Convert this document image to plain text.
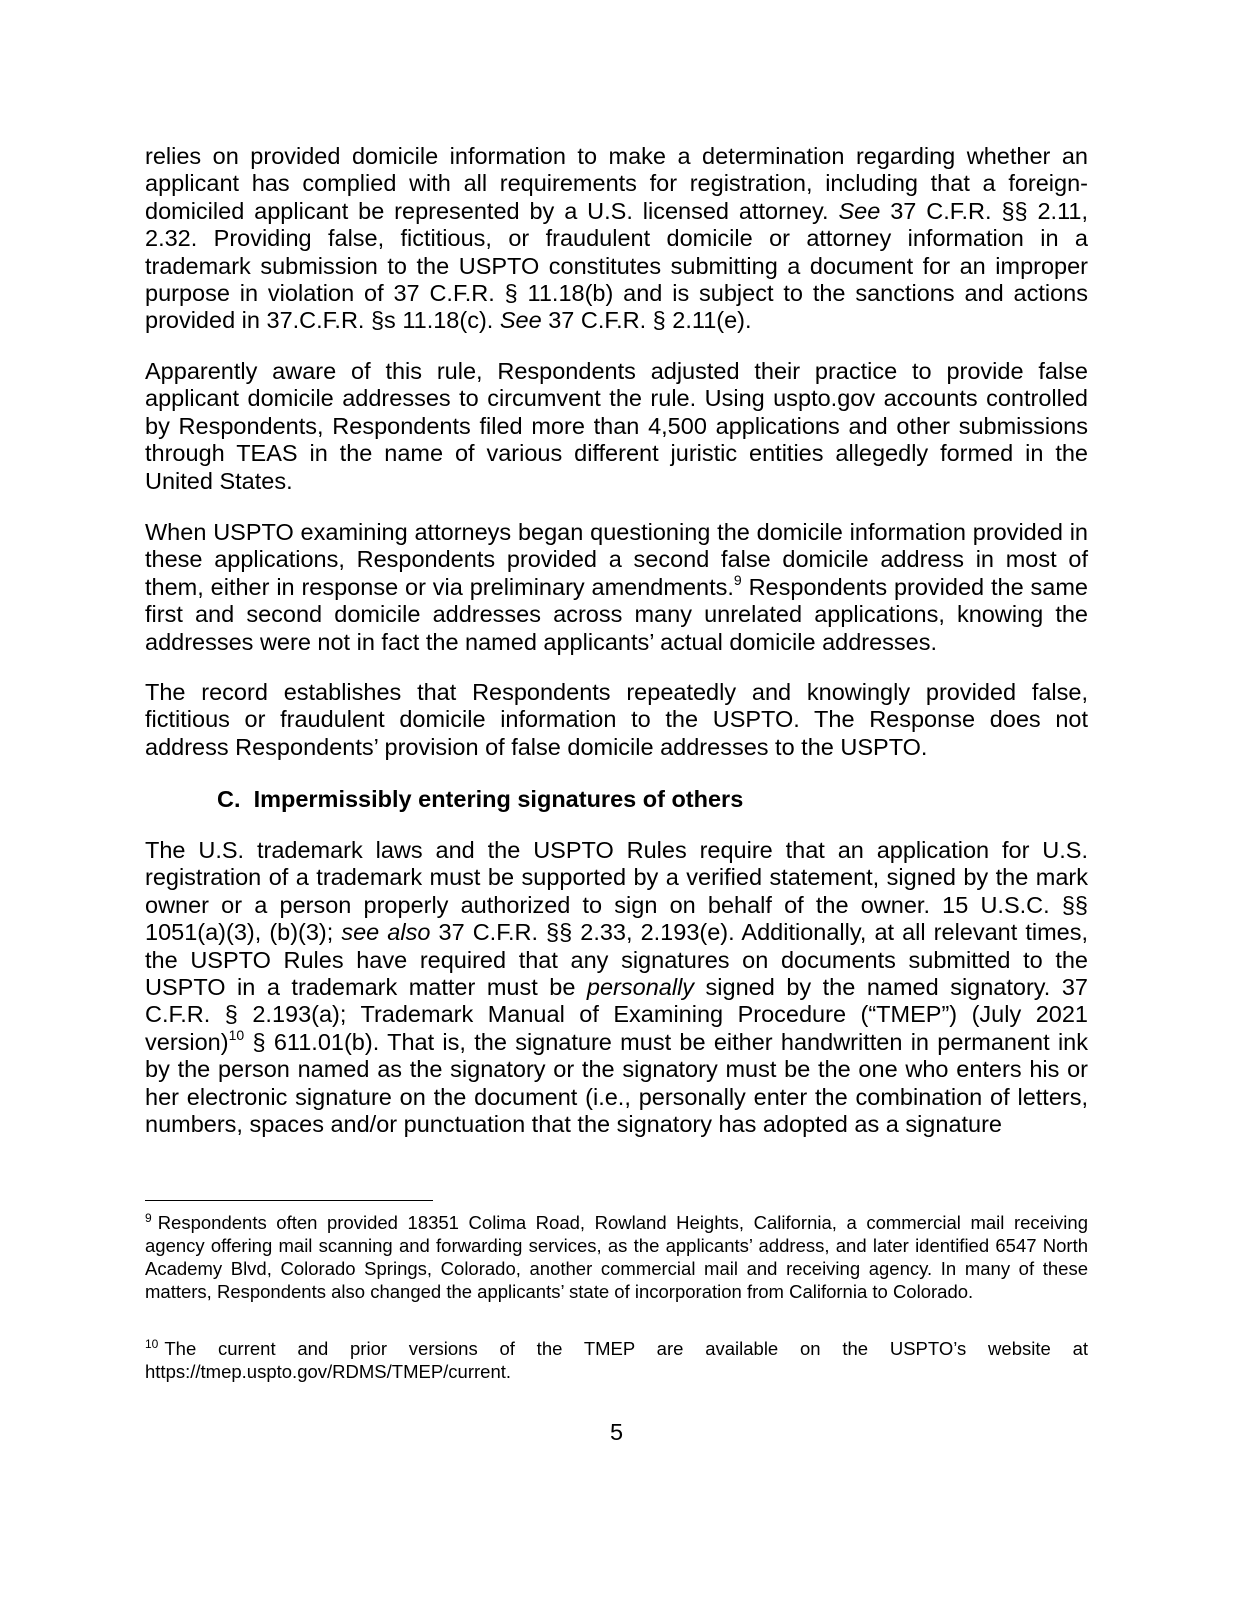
relies on provided domicile information to make a determination regarding whether an applicant has complied with all requirements for registration, including that a foreign-domiciled applicant be represented by a U.S. licensed attorney. See 37 C.F.R. §§ 2.11, 2.32. Providing false, fictitious, or fraudulent domicile or attorney information in a trademark submission to the USPTO constitutes submitting a document for an improper purpose in violation of 37 C.F.R. § 11.18(b) and is subject to the sanctions and actions provided in 37.C.F.R. §s 11.18(c). See 37 C.F.R. § 2.11(e).

Apparently aware of this rule, Respondents adjusted their practice to provide false applicant domicile addresses to circumvent the rule. Using uspto.gov accounts controlled by Respondents, Respondents filed more than 4,500 applications and other submissions through TEAS in the name of various different juristic entities allegedly formed in the United States.

When USPTO examining attorneys began questioning the domicile information provided in these applications, Respondents provided a second false domicile address in most of them, either in response or via preliminary amendments.$^9$ Respondents provided the same first and second domicile addresses across many unrelated applications, knowing the addresses were not in fact the named applicants’ actual domicile addresses.

The record establishes that Respondents repeatedly and knowingly provided false, fictitious or fraudulent domicile information to the USPTO. The Response does not address Respondents’ provision of false domicile addresses to the USPTO.

C. Impermissibly entering signatures of others

The U.S. trademark laws and the USPTO Rules require that an application for U.S. registration of a trademark must be supported by a verified statement, signed by the mark owner or a person properly authorized to sign on behalf of the owner. 15 U.S.C. §§ 1051(a)(3), (b)(3); see also 37 C.F.R. §§ 2.33, 2.193(e). Additionally, at all relevant times, the USPTO Rules have required that any signatures on documents submitted to the USPTO in a trademark matter must be personally signed by the named signatory. 37 C.F.R. § 2.193(a); Trademark Manual of Examining Procedure (“TMEP”) (July 2021 version)$^{10}$ § 611.01(b). That is, the signature must be either handwritten in permanent ink by the person named as the signatory or the signatory must be the one who enters his or her electronic signature on the document (i.e., personally enter the combination of letters, numbers, spaces and/or punctuation that the signatory has adopted as a signature

$^9$ Respondents often provided 18351 Colima Road, Rowland Heights, California, a commercial mail receiving agency offering mail scanning and forwarding services, as the applicants’ address, and later identified 6547 North Academy Blvd, Colorado Springs, Colorado, another commercial mail and receiving agency. In many of these matters, Respondents also changed the applicants’ state of incorporation from California to Colorado.

$^{10}$ The current and prior versions of the TMEP are available on the USPTO’s website at https://tmep.uspto.gov/RDMS/TMEP/current.

5
